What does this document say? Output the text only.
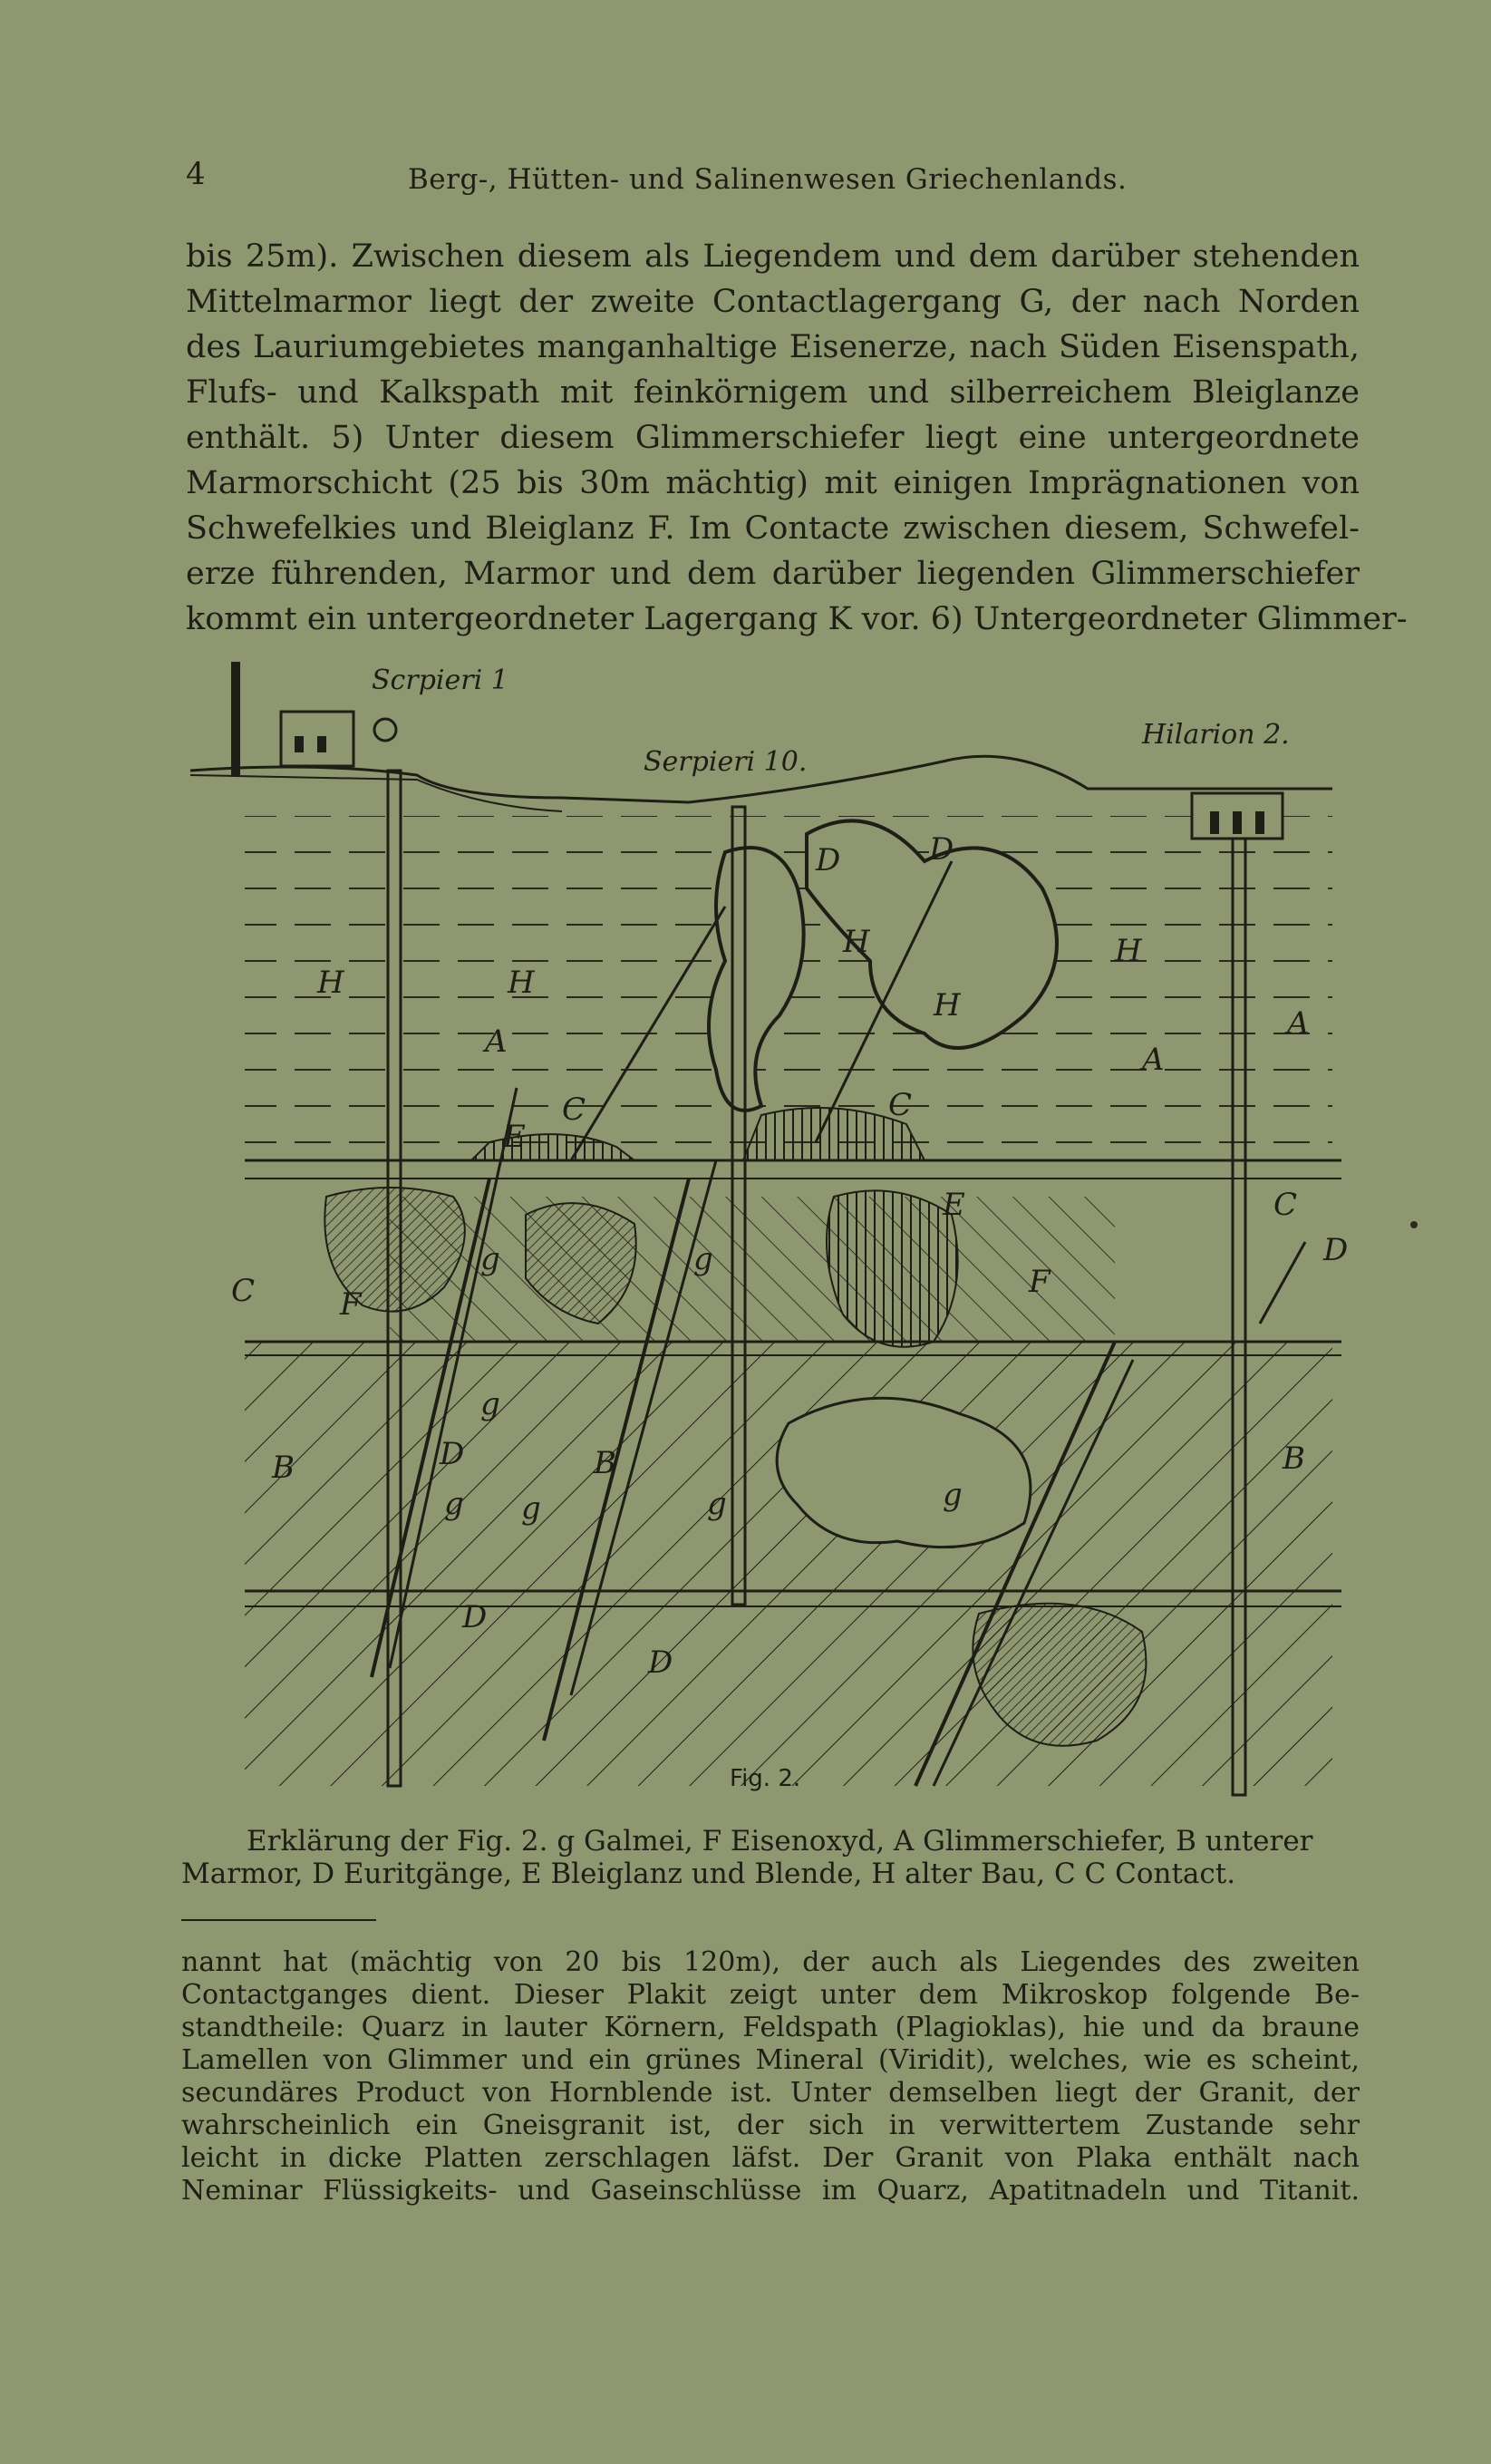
4	Berg-, Hütten- und Salinenwesen Griechenlands.
bis 25m). Zwischen diesem als Liegendem und dem darüber stehenden
Mittelmarmor liegt der zweite Contactlagergang G, der nach Norden
des Lauriumgebietes manganhaltige Eisenerze, nach Süden Eisenspath,
Flufs- und Kalkspath mit feinkörnigem und silberreichem Bleiglanze
enthält. 5) Unter diesem Glimmerschiefer liegt eine untergeordnete
Marmorschicht (25 bis 30m mächtig) mit einigen Imprägnationen von
Schwefelkies und Bleiglanz F. Im Contacte zwischen diesem, Schwefel-
erze führenden, Marmor und dem darüber liegenden Glimmerschiefer
kommt ein untergeordneter Lagergang K vor. 6) Untergeordneter Glimmer-
Scrpieri 1
Serpieri 10.
Hilarion 2.
H	H
H
H
H
A	A
A
C	C
C
C
E
E
F
F
g	g
g
g g	g	g
B	B	B
D	D
D
D
D
D
Fig. 2.
Erklärung der Fig. 2. g Galmei, F Eisenoxyd, A Glimmerschiefer, B unterer
Marmor, D Euritgänge, E Bleiglanz und Blende, H alter Bau, C C Contact.
nannt hat (mächtig von 20 bis 120m), der auch als Liegendes des zweiten
Contactganges dient. Dieser Plakit zeigt unter dem Mikroskop folgende Be-
standtheile: Quarz in lauter Körnern, Feldspath (Plagioklas), hie und da braune
Lamellen von Glimmer und ein grünes Mineral (Viridit), welches, wie es scheint,
secundäres Product von Hornblende ist. Unter demselben liegt der Granit, der
wahrscheinlich ein Gneisgranit ist, der sich in verwittertem Zustande sehr
leicht in dicke Platten zerschlagen läfst. Der Granit von Plaka enthält nach
Neminar Flüssigkeits- und Gaseinschlüsse im Quarz, Apatitnadeln und Titanit.
